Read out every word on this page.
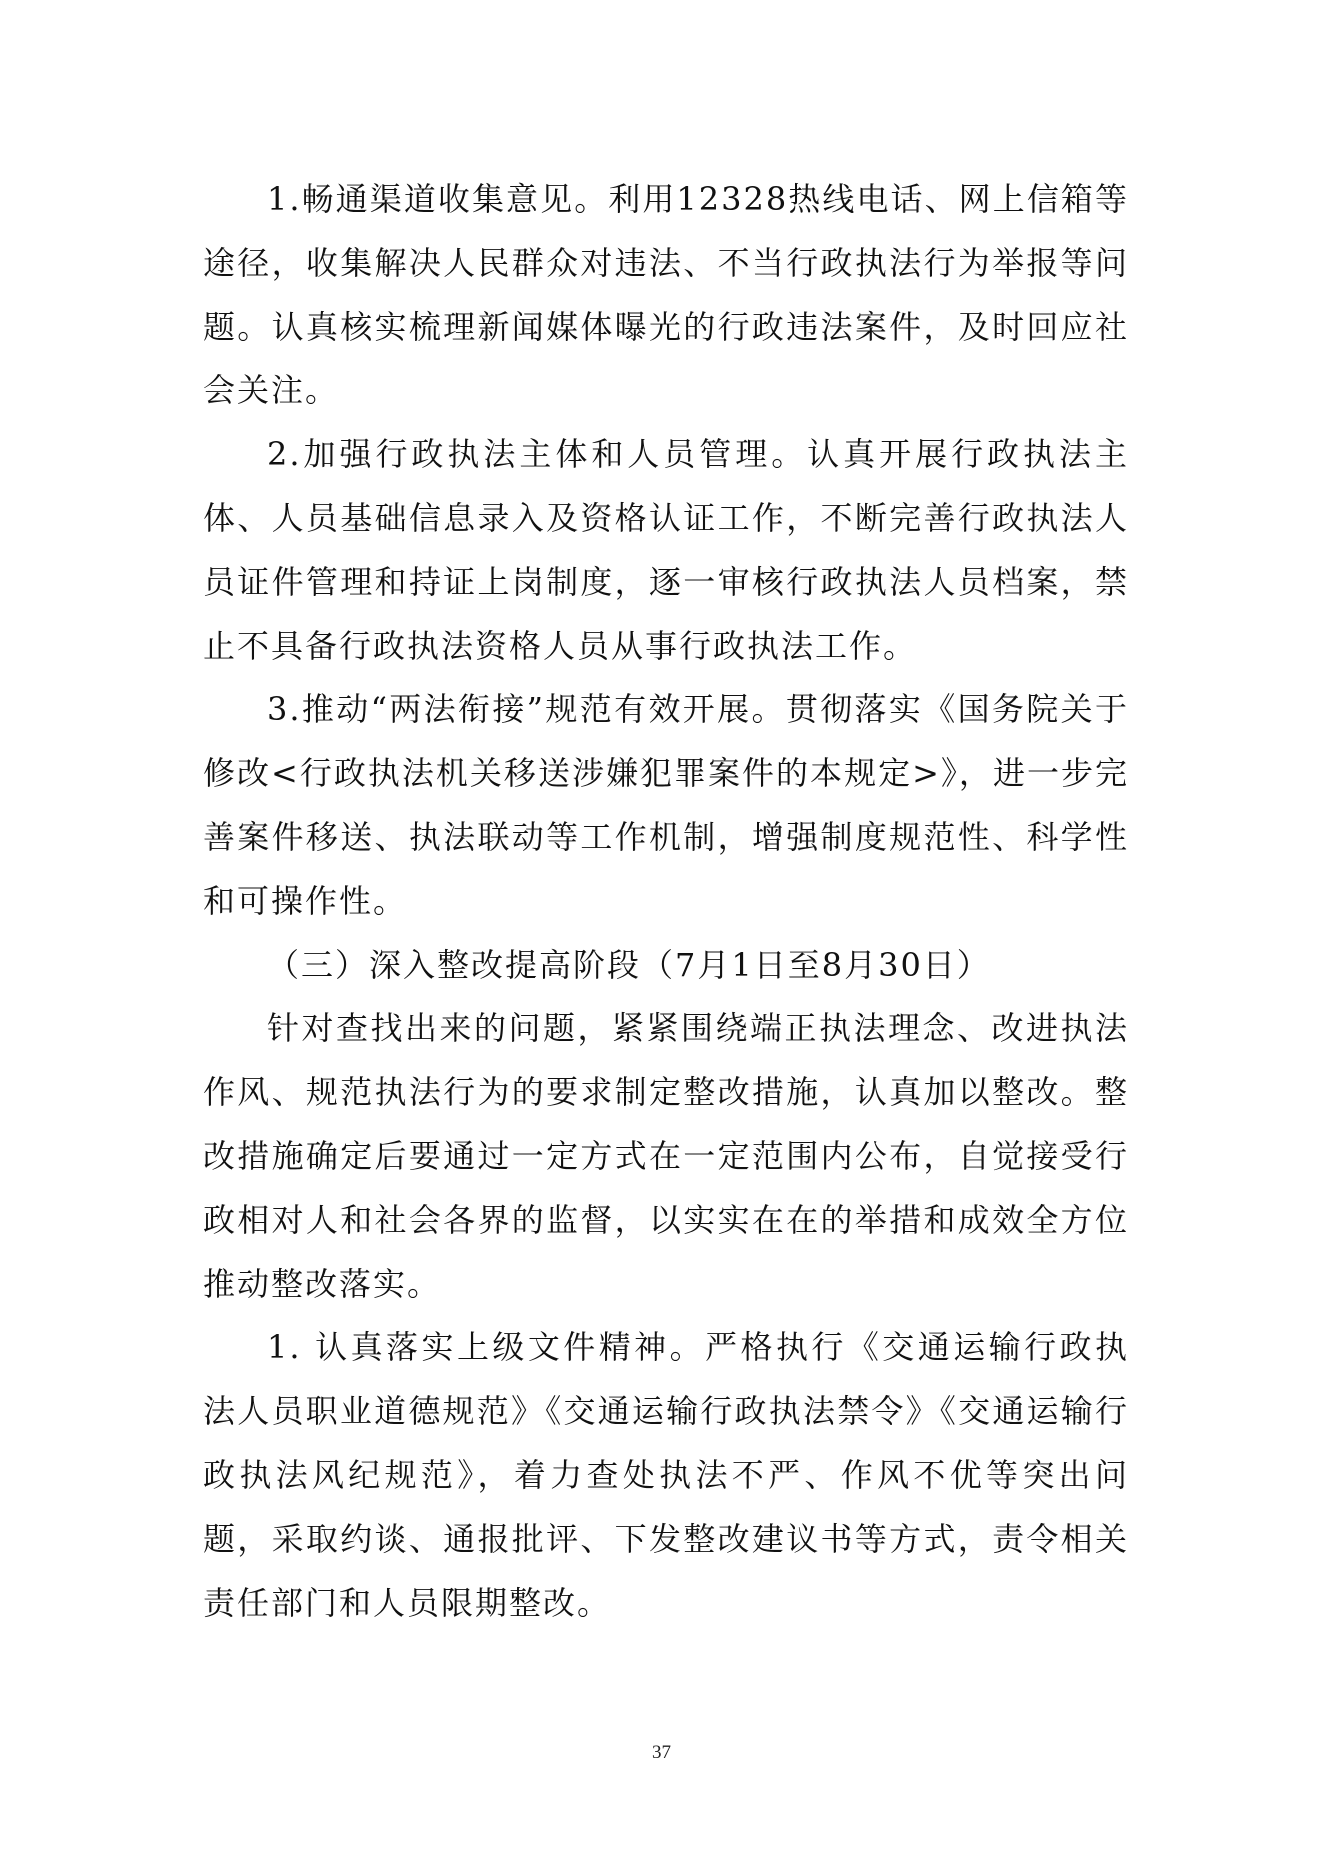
1.畅通渠道收集意见。利用12328热线电话、网上信箱等途径，收集解决人民群众对违法、不当行政执法行为举报等问题。认真核实梳理新闻媒体曝光的行政违法案件，及时回应社会关注。

2.加强行政执法主体和人员管理。认真开展行政执法主体、人员基础信息录入及资格认证工作，不断完善行政执法人员证件管理和持证上岗制度，逐一审核行政执法人员档案，禁止不具备行政执法资格人员从事行政执法工作。

3.推动“两法衔接”规范有效开展。贯彻落实《国务院关于修改<行政执法机关移送涉嫌犯罪案件的本规定>》，进一步完善案件移送、执法联动等工作机制，增强制度规范性、科学性和可操作性。

（三）深入整改提高阶段（7月1日至8月30日）

针对查找出来的问题，紧紧围绕端正执法理念、改进执法作风、规范执法行为的要求制定整改措施，认真加以整改。整改措施确定后要通过一定方式在一定范围内公布，自觉接受行政相对人和社会各界的监督，以实实在在的举措和成效全方位推动整改落实。

1. 认真落实上级文件精神。严格执行《交通运输行政执法人员职业道德规范》《交通运输行政执法禁令》《交通运输行政执法风纪规范》，着力查处执法不严、作风不优等突出问题，采取约谈、通报批评、下发整改建议书等方式，责令相关责任部门和人员限期整改。

37
